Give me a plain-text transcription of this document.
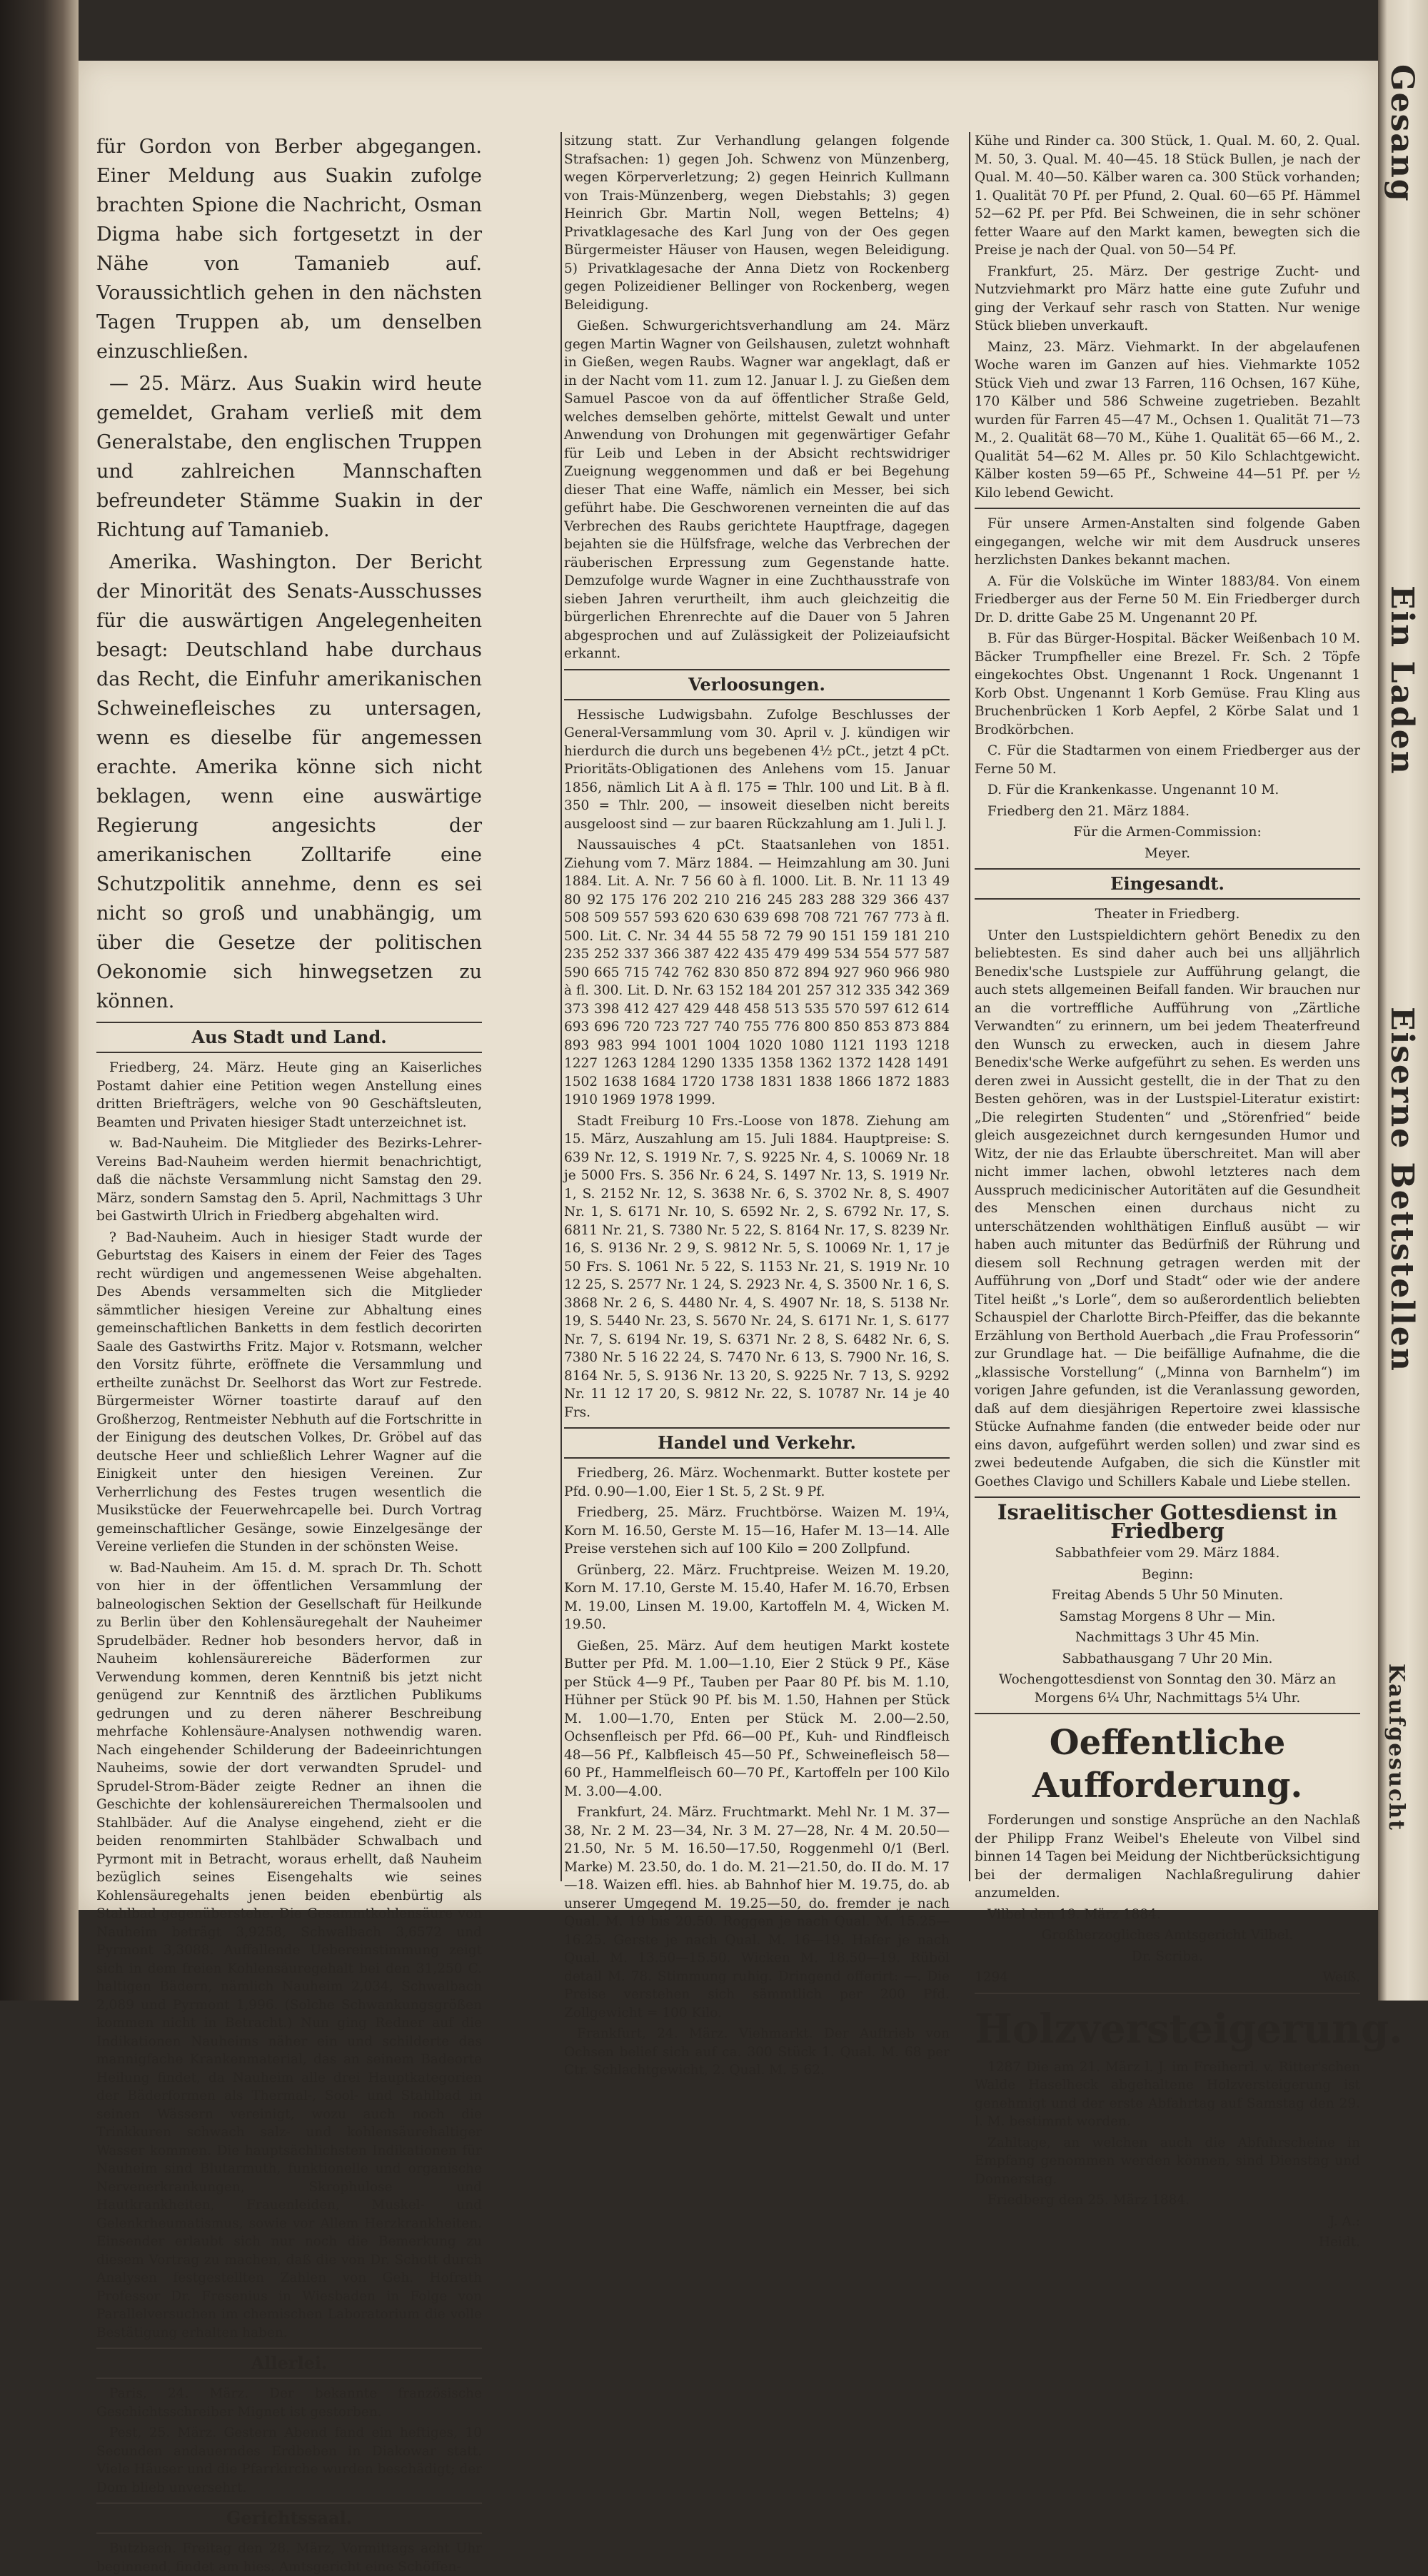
Gesang
Ein Laden
Eiserne Bettstellen
Kaufgesucht

für Gordon von Berber abgegangen. Einer Meldung aus Suakin zufolge brachten Spione die Nachricht, Osman Digma habe sich fortgesetzt in der Nähe von Tamanieb auf. Voraussichtlich gehen in den nächsten Tagen Truppen ab, um denselben einzuschließen.

— 25. März. Aus Suakin wird heute gemeldet, Graham verließ mit dem Generalstabe, den englischen Truppen und zahlreichen Mannschaften befreundeter Stämme Suakin in der Richtung auf Tamanieb.

Amerika. Washington. Der Bericht der Minorität des Senats-Ausschusses für die auswärtigen Angelegenheiten besagt: Deutschland habe durchaus das Recht, die Einfuhr amerikanischen Schweinefleisches zu untersagen, wenn es dieselbe für angemessen erachte. Amerika könne sich nicht beklagen, wenn eine auswärtige Regierung angesichts der amerikanischen Zolltarife eine Schutzpolitik annehme, denn es sei nicht so groß und unabhängig, um über die Gesetze der politischen Oekonomie sich hinwegsetzen zu können.

Aus Stadt und Land.

Friedberg, 24. März. Heute ging an Kaiserliches Postamt dahier eine Petition wegen Anstellung eines dritten Briefträgers, welche von 90 Geschäftsleuten, Beamten und Privaten hiesiger Stadt unterzeichnet ist.

w. Bad-Nauheim. Die Mitglieder des Bezirks-Lehrer-Vereins Bad-Nauheim werden hiermit benachrichtigt, daß die nächste Versammlung nicht Samstag den 29. März, sondern Samstag den 5. April, Nachmittags 3 Uhr bei Gastwirth Ulrich in Friedberg abgehalten wird.

? Bad-Nauheim. Auch in hiesiger Stadt wurde der Geburtstag des Kaisers in einem der Feier des Tages recht würdigen und angemessenen Weise abgehalten. Des Abends versammelten sich die Mitglieder sämmtlicher hiesigen Vereine zur Abhaltung eines gemeinschaftlichen Banketts in dem festlich decorirten Saale des Gastwirths Fritz. Major v. Rotsmann, welcher den Vorsitz führte, eröffnete die Versammlung und ertheilte zunächst Dr. Seelhorst das Wort zur Festrede. Bürgermeister Wörner toastirte darauf auf den Großherzog, Rentmeister Nebhuth auf die Fortschritte in der Einigung des deutschen Volkes, Dr. Gröbel auf das deutsche Heer und schließlich Lehrer Wagner auf die Einigkeit unter den hiesigen Vereinen. Zur Verherrlichung des Festes trugen wesentlich die Musikstücke der Feuerwehrcapelle bei. Durch Vortrag gemeinschaftlicher Gesänge, sowie Einzelgesänge der Vereine verliefen die Stunden in der schönsten Weise.

w. Bad-Nauheim. Am 15. d. M. sprach Dr. Th. Schott von hier in der öffentlichen Versammlung der balneologischen Sektion der Gesellschaft für Heilkunde zu Berlin über den Kohlensäuregehalt der Nauheimer Sprudelbäder. Redner hob besonders hervor, daß in Nauheim kohlensäurereiche Bäderformen zur Verwendung kommen, deren Kenntniß bis jetzt nicht genügend zur Kenntniß des ärztlichen Publikums gedrungen und zu deren näherer Beschreibung mehrfache Kohlensäure-Analysen nothwendig waren. Nach eingehender Schilderung der Badeeinrichtungen Nauheims, sowie der dort verwandten Sprudel- und Sprudel-Strom-Bäder zeigte Redner an ihnen die Geschichte der kohlensäurereichen Thermalsoolen und Stahlbäder. Auf die Analyse eingehend, zieht er die beiden renommirten Stahlbäder Schwalbach und Pyrmont mit in Betracht, woraus erhellt, daß Nauheim bezüglich seines Eisengehalts wie seines Kohlensäuregehalts jenen beiden ebenbürtig als Stahlbad gegenüberstehe. Die Gesammtkohlensäure von Nauheim beträgt 3,9258, Schwalbach 3,6572 und Pyrmont 3,3088. Auffallende Uebereinstimmung zeigt sich in dem freien Kohlensäuregehalt bei den 31,250 C. haltigen Bädern, nämlich Nauheim 2,034, Schwalbach 2,089 und Pyrmont 1,996. (Solche Schwankungsgrößen kommen nicht in Betracht.) Nun ging Redner auf die Indikationen Nauheims näher ein und schilderte das mannigfache Krankenmaterial, das an seinem Badeorte Heilung findet, da Nauheim alle drei Hauptkategorien der Bäderformen als Thermal-, Sool- und Stahlbad in seinen Wässern vereinigt, wozu auch noch die Trinkkuren schwach salz- und kohlensäurehaltiger Wasser kommen. Die hauptsächlichsten Indikationen für Nauheim sind Blutarmuth, funktionelle und organische Nervenerkrankungen, Skrophulose und Hautkrankheiten, Frauenleiden, Muskel- und Gelenkrheumatismus, sowie vor Allem Herzkrankheiten. Einsender erlaubt sich nur noch die Bemerkung zu diesem Vortrag zu machen, daß die von Dr. Schott durch Analysen festgestellten Zahlen von Geh. Hofrath Professor Dr. Fresenius in Wiesbaden in Folge von Parallelversuchen im chemischen Laboratorium die volle Bestätigung erhalten haben.

Allerlei.

Paris, 24. März. Der bekannte französische Geschichtsschreiber Mignet ist gestorben.

Pest, 25. März. Gestern Abend fand ein heftiges, 10 Secunden andauerndes Erdbeben in Diakowar statt. Viele Häuser und die Pfarrkirche wurden beschädigt; der Dom blieb unversehrt.

Gerichtssaal.

Butzbach. Freitag den 28. März, Vormittags acht Uhr beginnend, findet am hies. Amtsgericht eine Schöffen-

sitzung statt. Zur Verhandlung gelangen folgende Strafsachen: 1) gegen Joh. Schwenz von Münzenberg, wegen Körperverletzung; 2) gegen Heinrich Kullmann von Trais-Münzenberg, wegen Diebstahls; 3) gegen Heinrich Gbr. Martin Noll, wegen Bettelns; 4) Privatklagesache des Karl Jung von der Oes gegen Bürgermeister Häuser von Hausen, wegen Beleidigung. 5) Privatklagesache der Anna Dietz von Rockenberg gegen Polizeidiener Bellinger von Rockenberg, wegen Beleidigung.

Gießen. Schwurgerichtsverhandlung am 24. März gegen Martin Wagner von Geilshausen, zuletzt wohnhaft in Gießen, wegen Raubs. Wagner war angeklagt, daß er in der Nacht vom 11. zum 12. Januar l. J. zu Gießen dem Samuel Pascoe von da auf öffentlicher Straße Geld, welches demselben gehörte, mittelst Gewalt und unter Anwendung von Drohungen mit gegenwärtiger Gefahr für Leib und Leben in der Absicht rechtswidriger Zueignung weggenommen und daß er bei Begehung dieser That eine Waffe, nämlich ein Messer, bei sich geführt habe. Die Geschworenen verneinten die auf das Verbrechen des Raubs gerichtete Hauptfrage, dagegen bejahten sie die Hülfsfrage, welche das Verbrechen der räuberischen Erpressung zum Gegenstande hatte. Demzufolge wurde Wagner in eine Zuchthausstrafe von sieben Jahren verurtheilt, ihm auch gleichzeitig die bürgerlichen Ehrenrechte auf die Dauer von 5 Jahren abgesprochen und auf Zulässigkeit der Polizeiaufsicht erkannt.

Verloosungen.

Hessische Ludwigsbahn. Zufolge Beschlusses der General-Versammlung vom 30. April v. J. kündigen wir hierdurch die durch uns begebenen 4½ pCt., jetzt 4 pCt. Prioritäts-Obligationen des Anlehens vom 15. Januar 1856, nämlich Lit A à fl. 175 = Thlr. 100 und Lit. B à fl. 350 = Thlr. 200, — insoweit dieselben nicht bereits ausgeloost sind — zur baaren Rückzahlung am 1. Juli l. J.

Naussauisches 4 pCt. Staatsanlehen von 1851. Ziehung vom 7. März 1884. — Heimzahlung am 30. Juni 1884. Lit. A. Nr. 7 56 60 à fl. 1000. Lit. B. Nr. 11 13 49 80 92 175 176 202 210 216 245 283 288 329 366 437 508 509 557 593 620 630 639 698 708 721 767 773 à fl. 500. Lit. C. Nr. 34 44 55 58 72 79 90 151 159 181 210 235 252 337 366 387 422 435 479 499 534 554 577 587 590 665 715 742 762 830 850 872 894 927 960 966 980 à fl. 300. Lit. D. Nr. 63 152 184 201 257 312 335 342 369 373 398 412 427 429 448 458 513 535 570 597 612 614 693 696 720 723 727 740 755 776 800 850 853 873 884 893 983 994 1001 1004 1020 1080 1121 1193 1218 1227 1263 1284 1290 1335 1358 1362 1372 1428 1491 1502 1638 1684 1720 1738 1831 1838 1866 1872 1883 1910 1969 1978 1999.

Stadt Freiburg 10 Frs.-Loose von 1878. Ziehung am 15. März, Auszahlung am 15. Juli 1884. Hauptpreise: S. 639 Nr. 12, S. 1919 Nr. 7, S. 9225 Nr. 4, S. 10069 Nr. 18 je 5000 Frs. S. 356 Nr. 6 24, S. 1497 Nr. 13, S. 1919 Nr. 1, S. 2152 Nr. 12, S. 3638 Nr. 6, S. 3702 Nr. 8, S. 4907 Nr. 1, S. 6171 Nr. 10, S. 6592 Nr. 2, S. 6792 Nr. 17, S. 6811 Nr. 21, S. 7380 Nr. 5 22, S. 8164 Nr. 17, S. 8239 Nr. 16, S. 9136 Nr. 2 9, S. 9812 Nr. 5, S. 10069 Nr. 1, 17 je 50 Frs. S. 1061 Nr. 5 22, S. 1153 Nr. 21, S. 1919 Nr. 10 12 25, S. 2577 Nr. 1 24, S. 2923 Nr. 4, S. 3500 Nr. 1 6, S. 3868 Nr. 2 6, S. 4480 Nr. 4, S. 4907 Nr. 18, S. 5138 Nr. 19, S. 5440 Nr. 23, S. 5670 Nr. 24, S. 6171 Nr. 1, S. 6177 Nr. 7, S. 6194 Nr. 19, S. 6371 Nr. 2 8, S. 6482 Nr. 6, S. 7380 Nr. 5 16 22 24, S. 7470 Nr. 6 13, S. 7900 Nr. 16, S. 8164 Nr. 5, S. 9136 Nr. 13 20, S. 9225 Nr. 7 13, S. 9292 Nr. 11 12 17 20, S. 9812 Nr. 22, S. 10787 Nr. 14 je 40 Frs.

Handel und Verkehr.

Friedberg, 26. März. Wochenmarkt. Butter kostete per Pfd. 0.90—1.00, Eier 1 St. 5, 2 St. 9 Pf.

Friedberg, 25. März. Fruchtbörse. Waizen M. 19¼, Korn M. 16.50, Gerste M. 15—16, Hafer M. 13—14. Alle Preise verstehen sich auf 100 Kilo = 200 Zollpfund.

Grünberg, 22. März. Fruchtpreise. Weizen M. 19.20, Korn M. 17.10, Gerste M. 15.40, Hafer M. 16.70, Erbsen M. 19.00, Linsen M. 19.00, Kartoffeln M. 4, Wicken M. 19.50.

Gießen, 25. März. Auf dem heutigen Markt kostete Butter per Pfd. M. 1.00—1.10, Eier 2 Stück 9 Pf., Käse per Stück 4—9 Pf., Tauben per Paar 80 Pf. bis M. 1.10, Hühner per Stück 90 Pf. bis M. 1.50, Hahnen per Stück M. 1.00—1.70, Enten per Stück M. 2.00—2.50, Ochsenfleisch per Pfd. 66—00 Pf., Kuh- und Rindfleisch 48—56 Pf., Kalbfleisch 45—50 Pf., Schweinefleisch 58—60 Pf., Hammelfleisch 60—70 Pf., Kartoffeln per 100 Kilo M. 3.00—4.00.

Frankfurt, 24. März. Fruchtmarkt. Mehl Nr. 1 M. 37—38, Nr. 2 M. 23—34, Nr. 3 M. 27—28, Nr. 4 M. 20.50—21.50, Nr. 5 M. 16.50—17.50, Roggenmehl 0/1 (Berl. Marke) M. 23.50, do. 1 do. M. 21—21.50, do. II do. M. 17—18. Waizen effl. hies. ab Bahnhof hier M. 19.75, do. ab unserer Umgegend M. 19.25—50, do. fremder je nach Qual. M. 19 bis 20.50. Roggen je nach Qual. M. 15.25—16.25. Gerste je nach Qual. M. 16—19. Hafer je nach Qual. M. 13.50—15.50. Wicken M. 18.50—19. Rüböl detail M. 78. Stimmung ruhig. Dringend offerirt: —. Die Preise verstehen sich sämmtlich per 200 Pfd. Zollgewicht = 100 Kilo.

Frankfurt, 24. März. Viehmarkt. Der Auftrieb von Ochsen belief sich auf ca. 300 Stück 1. Qual. M. 68 per Ctr. Schlachtgewicht, 2. Qual. M. 5 62.

Kühe und Rinder ca. 300 Stück, 1. Qual. M. 60, 2. Qual. M. 50, 3. Qual. M. 40—45. 18 Stück Bullen, je nach der Qual. M. 40—50. Kälber waren ca. 300 Stück vorhanden; 1. Qualität 70 Pf. per Pfund, 2. Qual. 60—65 Pf. Hämmel 52—62 Pf. per Pfd. Bei Schweinen, die in sehr schöner fetter Waare auf den Markt kamen, bewegten sich die Preise je nach der Qual. von 50—54 Pf.

Frankfurt, 25. März. Der gestrige Zucht- und Nutzviehmarkt pro März hatte eine gute Zufuhr und ging der Verkauf sehr rasch von Statten. Nur wenige Stück blieben unverkauft.

Mainz, 23. März. Viehmarkt. In der abgelaufenen Woche waren im Ganzen auf hies. Viehmarkte 1052 Stück Vieh und zwar 13 Farren, 116 Ochsen, 167 Kühe, 170 Kälber und 586 Schweine zugetrieben. Bezahlt wurden für Farren 45—47 M., Ochsen 1. Qualität 71—73 M., 2. Qualität 68—70 M., Kühe 1. Qualität 65—66 M., 2. Qualität 54—62 M. Alles pr. 50 Kilo Schlachtgewicht. Kälber kosten 59—65 Pf., Schweine 44—51 Pf. per ½ Kilo lebend Gewicht.

Für unsere Armen-Anstalten sind folgende Gaben eingegangen, welche wir mit dem Ausdruck unseres herzlichsten Dankes bekannt machen.

A. Für die Volsküche im Winter 1883/84. Von einem Friedberger aus der Ferne 50 M. Ein Friedberger durch Dr. D. dritte Gabe 25 M. Ungenannt 20 Pf.

B. Für das Bürger-Hospital. Bäcker Weißenbach 10 M. Bäcker Trumpfheller eine Brezel. Fr. Sch. 2 Töpfe eingekochtes Obst. Ungenannt 1 Rock. Ungenannt 1 Korb Obst. Ungenannt 1 Korb Gemüse. Frau Kling aus Bruchenbrücken 1 Korb Aepfel, 2 Körbe Salat und 1 Brodkörbchen.

C. Für die Stadtarmen von einem Friedberger aus der Ferne 50 M.

D. Für die Krankenkasse. Ungenannt 10 M.

Friedberg den 21. März 1884.

Für die Armen-Commission:

Meyer.

Eingesandt.

Theater in Friedberg.

Unter den Lustspieldichtern gehört Benedix zu den beliebtesten. Es sind daher auch bei uns alljährlich Benedix'sche Lustspiele zur Aufführung gelangt, die auch stets allgemeinen Beifall fanden. Wir brauchen nur an die vortreffliche Aufführung von „Zärtliche Verwandten“ zu erinnern, um bei jedem Theaterfreund den Wunsch zu erwecken, auch in diesem Jahre Benedix'sche Werke aufgeführt zu sehen. Es werden uns deren zwei in Aussicht gestellt, die in der That zu den Besten gehören, was in der Lustspiel-Literatur existirt: „Die relegirten Studenten“ und „Störenfried“ beide gleich ausgezeichnet durch kerngesunden Humor und Witz, der nie das Erlaubte überschreitet. Man will aber nicht immer lachen, obwohl letzteres nach dem Ausspruch medicinischer Autoritäten auf die Gesundheit des Menschen einen durchaus nicht zu unterschätzenden wohlthätigen Einfluß ausübt — wir haben auch mitunter das Bedürfniß der Rührung und diesem soll Rechnung getragen werden mit der Aufführung von „Dorf und Stadt“ oder wie der andere Titel heißt „'s Lorle“, dem so außerordentlich beliebten Schauspiel der Charlotte Birch-Pfeiffer, das die bekannte Erzählung von Berthold Auerbach „die Frau Professorin“ zur Grundlage hat. — Die beifällige Aufnahme, die die „klassische Vorstellung“ („Minna von Barnhelm“) im vorigen Jahre gefunden, ist die Veranlassung geworden, daß auf dem diesjährigen Repertoire zwei klassische Stücke Aufnahme fanden (die entweder beide oder nur eins davon, aufgeführt werden sollen) und zwar sind es zwei bedeutende Aufgaben, die sich die Künstler mit Goethes Clavigo und Schillers Kabale und Liebe stellen.

Israelitischer Gottesdienst in Friedberg

Sabbathfeier vom 29. März 1884.

Beginn:

Freitag Abends 5 Uhr 50 Minuten.

Samstag Morgens 8 Uhr — Min.

Nachmittags 3 Uhr 45 Min.

Sabbathausgang 7 Uhr 20 Min.

Wochengottesdienst von Sonntag den 30. März an Morgens 6¼ Uhr, Nachmittags 5¼ Uhr.

Oeffentliche Aufforderung.

Forderungen und sonstige Ansprüche an den Nachlaß der Philipp Franz Weibel's Eheleute von Vilbel sind binnen 14 Tagen bei Meidung der Nichtberücksichtigung bei der dermaligen Nachlaßregulirung dahier anzumelden.

Vilbel den 19. März 1884.

Großherzogliches Amtsgericht Vilbel.

Dr. Scriba.

1294	Weiß.

Holzversteigerung.

1287 Die am 21. März l. J. im Freiherrl. v. Ritter'schen Walde Haselheck abgehaltene Holzversteigerung ist genehmigt und der erste Abfahrtag auf Samstag den 29. l. M. bestimmt worden.

Zahltage, an welchen auch die Abfuhrscheine in Empfang genommen werden können, sind Dienstag und Donnerstag.

Friedberg den 25. März 1884.

J. A.:

Heidt.
